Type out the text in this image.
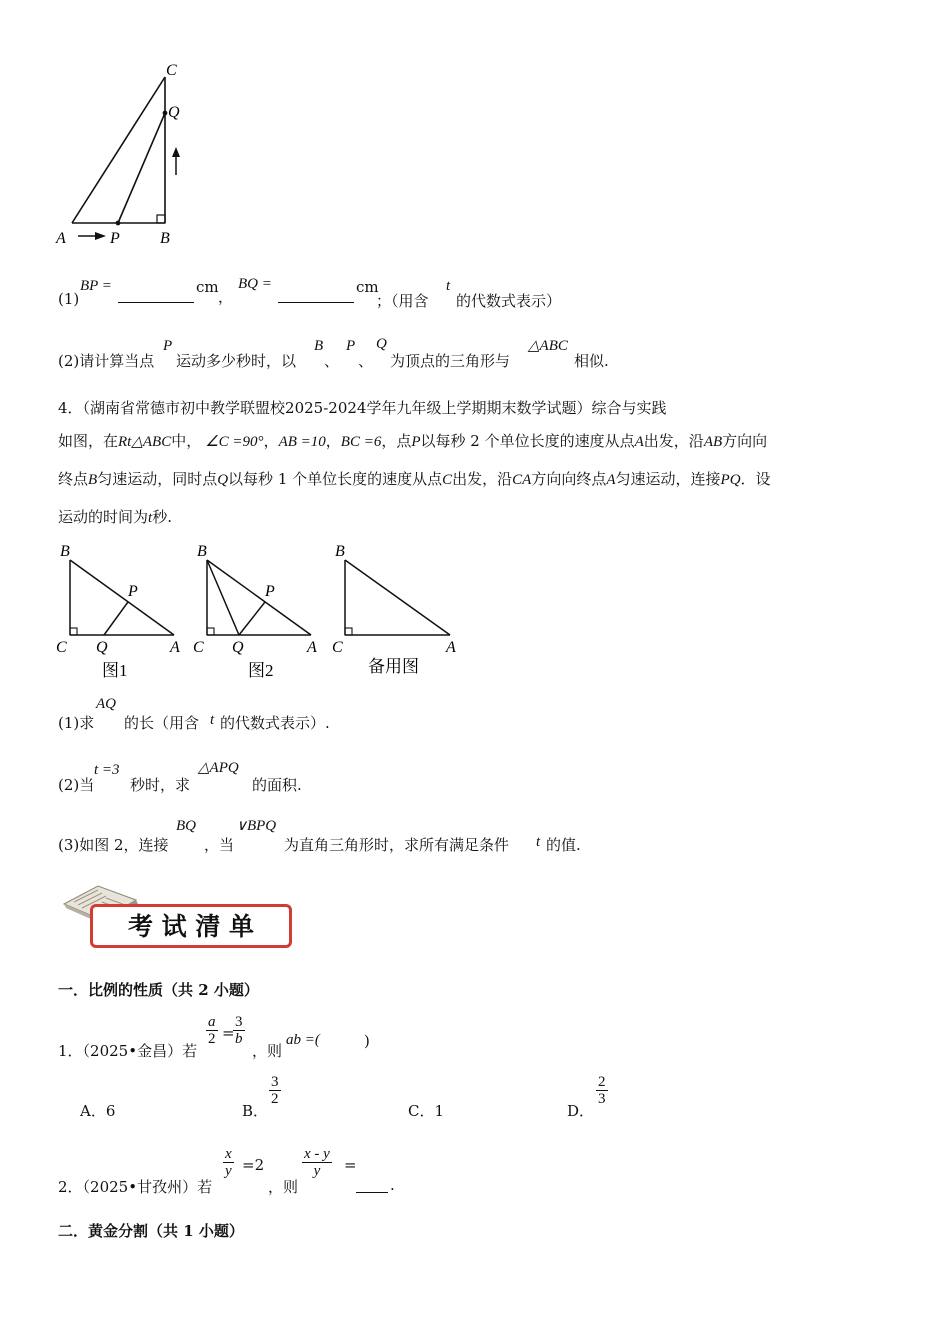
C
Q
A	P	B
(1)
BP =	cm
，
BQ =	cm
；（用含
t
的代数式表示）
(2)请计算当点
P
运动多少秒时，以
B
、
P
、
Q
为顶点的三角形与
△ABC
相似.
4．（湖南省常德市初中教学联盟校2025-2024学年九年级上学期期末数学试题）综合与实践
如图，在Rt△ABC中， ∠C =90°，AB =10，BC =6，点P以每秒 2 个单位长度的速度从点A出发，沿AB方向向
终点B匀速运动，同时点Q以每秒 1 个单位长度的速度从点C出发，沿CA方向向终点A匀速运动，连接PQ．设
运动的时间为t秒.
B
P
C Q	A
图1
B
P
C Q	A
图2
B
C	A
备用图
(1)求
AQ
的长（用含 t 的代数式表示）.
(2)当
t =3
秒时，求
△APQ
的面积.
(3)如图 2，连接
BQ
，当
∨BPQ
为直角三角形时，求所有满足条件 t 的值.
考 试 清 单
一．比例的性质（共 2 小题）
1．（2025•金昌）若
$\frac{a}{2}$ =
$\frac{3}{b}$
，则
ab =(	)
A．6	B．
$\frac{3}{2}$
C．1	D．
$\frac{2}{3}$
2．（2025•甘孜州）若
$\frac{x}{y} =2$
，则
$\frac{x - y}{y}$ =
.
二．黄金分割（共 1 小题）
